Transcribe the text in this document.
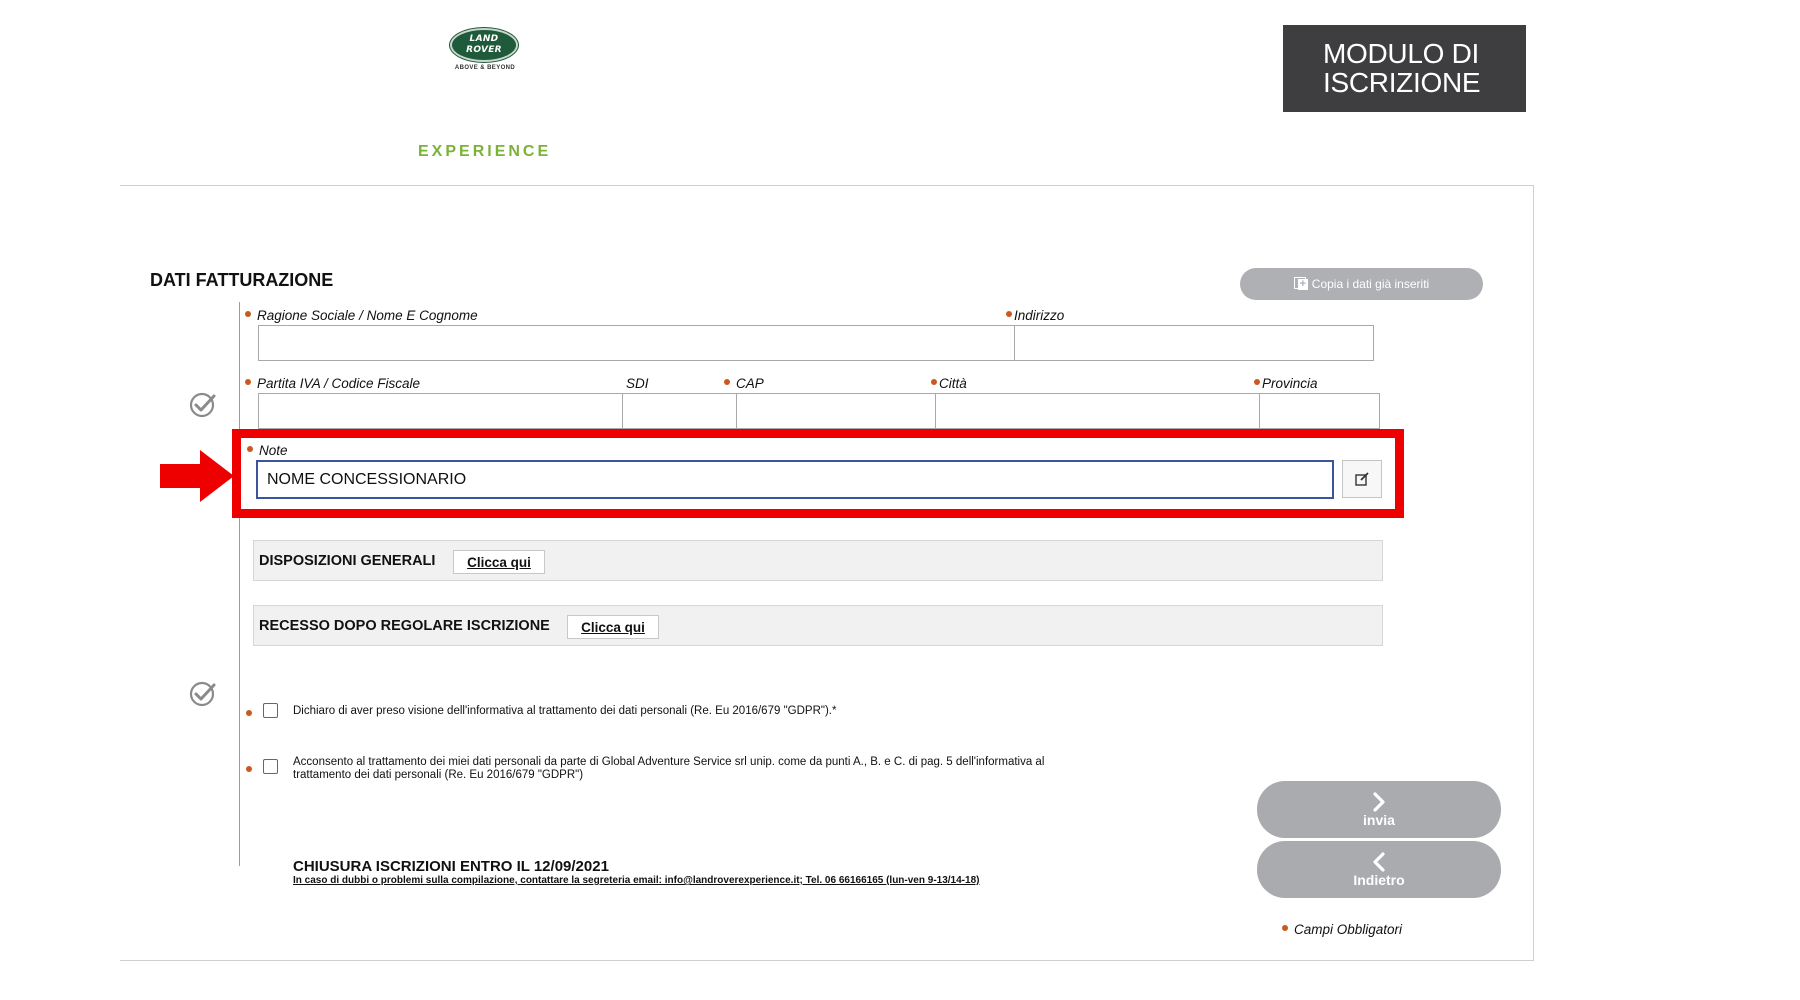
LAND
ROVER
ABOVE & BEYOND
EXPERIENCE
MODULO DI
ISCRIZIONE
DATI FATTURAZIONE
+	Copia i dati già inseriti
Ragione Sociale / Nome E Cognome	Indirizzo
Partita IVA / Codice Fiscale	SDI	CAP	Città	Provincia
Note
NOME CONCESSIONARIO
DISPOSIZIONI GENERALI	Clicca qui
RECESSO DOPO REGOLARE ISCRIZIONE	Clicca qui
Dichiaro di aver preso visione dell'informativa al trattamento dei dati personali (Re. Eu 2016/679 "GDPR").*
Acconsento al trattamento dei miei dati personali da parte di Global Adventure Service srl unip. come da punti A., B. e C. di pag. 5 dell'informativa al
trattamento dei dati personali (Re. Eu 2016/679 "GDPR")
CHIUSURA ISCRIZIONI ENTRO IL 12/09/2021
In caso di dubbi o problemi sulla compilazione, contattare la segreteria email: info@landroverexperience.it; Tel. 06 66166165 (lun-ven 9-13/14-18)
invia
Indietro
Campi Obbligatori
